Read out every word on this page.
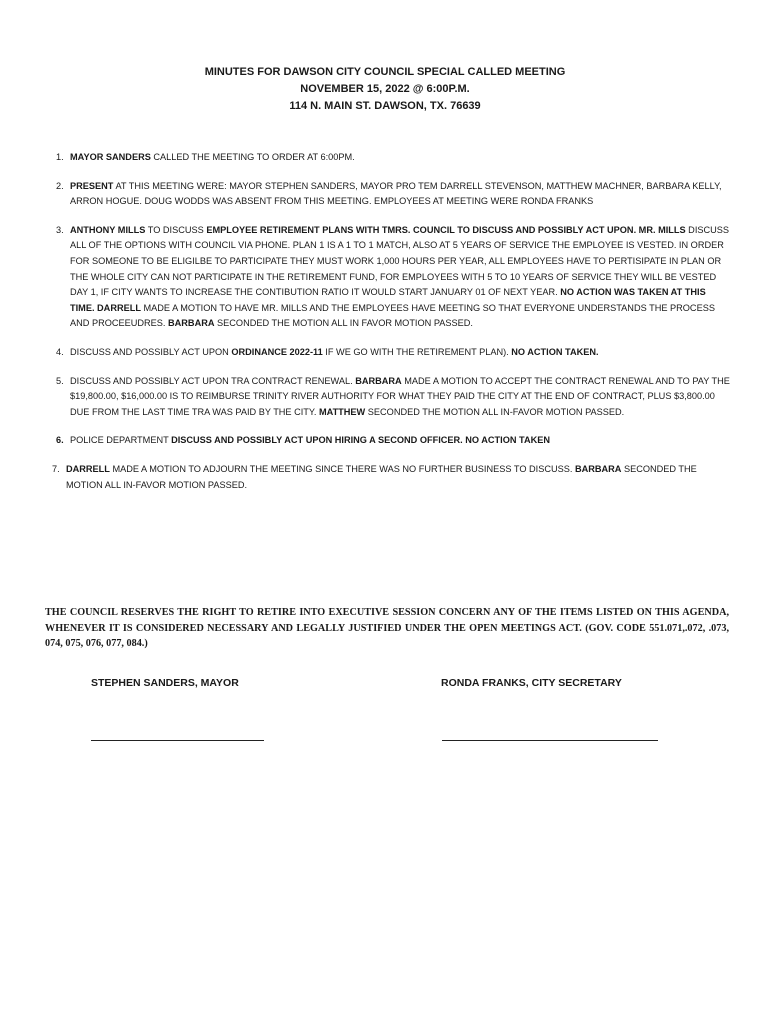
MINUTES FOR DAWSON CITY COUNCIL SPECIAL CALLED MEETING
NOVEMBER 15, 2022 @ 6:00P.M.
114 N. MAIN ST. DAWSON, TX. 76639
1. MAYOR SANDERS CALLED THE MEETING TO ORDER AT 6:00PM.
2. PRESENT AT THIS MEETING WERE: MAYOR STEPHEN SANDERS, MAYOR PRO TEM DARRELL STEVENSON, MATTHEW MACHNER, BARBARA KELLY, ARRON HOGUE. DOUG WODDS WAS ABSENT FROM THIS MEETING. EMPLOYEES AT MEETING WERE RONDA FRANKS
3. ANTHONY MILLS TO DISCUSS EMPLOYEE RETIREMENT PLANS WITH TMRS. COUNCIL TO DISCUSS AND POSSIBLY ACT UPON. MR. MILLS DISCUSS ALL OF THE OPTIONS WITH COUNCIL VIA PHONE. PLAN 1 IS A 1 TO 1 MATCH, ALSO AT 5 YEARS OF SERVICE THE EMPLOYEE IS VESTED. IN ORDER FOR SOMEONE TO BE ELIGILBE TO PARTICIPATE THEY MUST WORK 1,000 HOURS PER YEAR, ALL EMPLOYEES HAVE TO PERTISIPATE IN PLAN OR THE WHOLE CITY CAN NOT PARTICIPATE IN THE RETIREMENT FUND, FOR EMPLOYEES WITH 5 TO 10 YEARS OF SERVICE THEY WILL BE VESTED DAY 1, IF CITY WANTS TO INCREASE THE CONTIBUTION RATIO IT WOULD START JANUARY 01 OF NEXT YEAR. NO ACTION WAS TAKEN AT THIS TIME. DARRELL MADE A MOTION TO HAVE MR. MILLS AND THE EMPLOYEES HAVE MEETING SO THAT EVERYONE UNDERSTANDS THE PROCESS AND PROCEEUDRES. BARBARA SECONDED THE MOTION ALL IN FAVOR MOTION PASSED.
4. DISCUSS AND POSSIBLY ACT UPON ORDINANCE 2022-11 IF WE GO WITH THE RETIREMENT PLAN). NO ACTION TAKEN.
5. DISCUSS AND POSSIBLY ACT UPON TRA CONTRACT RENEWAL. BARBARA MADE A MOTION TO ACCEPT THE CONTRACT RENEWAL AND TO PAY THE $19,800.00, $16,000.00 IS TO REIMBURSE TRINITY RIVER AUTHORITY FOR WHAT THEY PAID THE CITY AT THE END OF CONTRACT, PLUS $3,800.00 DUE FROM THE LAST TIME TRA WAS PAID BY THE CITY. MATTHEW SECONDED THE MOTION ALL IN-FAVOR MOTION PASSED.
6. POLICE DEPARTMENT DISCUSS AND POSSIBLY ACT UPON HIRING A SECOND OFFICER. NO ACTION TAKEN
7. DARRELL MADE A MOTION TO ADJOURN THE MEETING SINCE THERE WAS NO FURTHER BUSINESS TO DISCUSS. BARBARA SECONDED THE MOTION ALL IN-FAVOR MOTION PASSED.
THE COUNCIL RESERVES THE RIGHT TO RETIRE INTO EXECUTIVE SESSION CONCERN ANY OF THE ITEMS LISTED ON THIS AGENDA, WHENEVER IT IS CONSIDERED NECESSARY AND LEGALLY JUSTIFIED UNDER THE OPEN MEETINGS ACT. (GOV. CODE 551.071,.072, .073, 074, 075, 076, 077, 084.)
STEPHEN SANDERS, MAYOR	RONDA FRANKS, CITY SECRETARY
